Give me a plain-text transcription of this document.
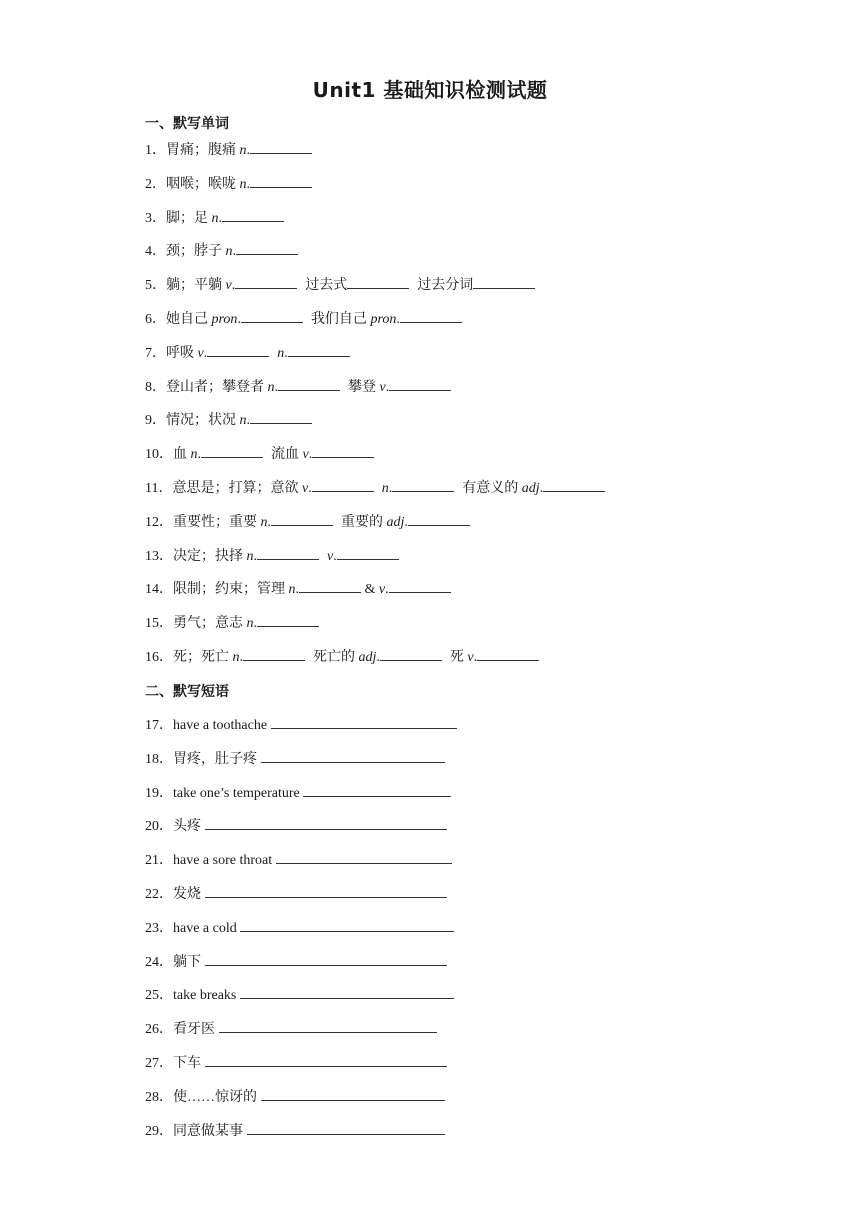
Unit1 基础知识检测试题
一、默写单词
1．胃痛；腹痛 n.
2．咽喉；喉咙 n.
3．脚；足 n.
4．颈；脖子 n.
5．躺；平躺 v.	过去式	过去分词
6．她自己 pron.	我们自己 pron.
7．呼吸 v.	n.
8．登山者；攀登者 n.	攀登 v.
9．情况；状况 n.
10．血 n.	流血 v.
11．意思是；打算；意欲 v.	n.	有意义的 adj.
12．重要性；重要 n.	重要的 adj.
13．决定；抉择 n.	v.
14．限制；约束；管理 n.	& v.
15．勇气；意志 n.
16．死；死亡 n.	死亡的 adj.	死 v.
二、默写短语
17．have a toothache
18．胃疼，肚子疼
19．take one’s temperature
20．头疼
21．have a sore throat
22．发烧
23．have a cold
24．躺下
25．take breaks
26．看牙医
27．下车
28．使……惊讶的
29．同意做某事
